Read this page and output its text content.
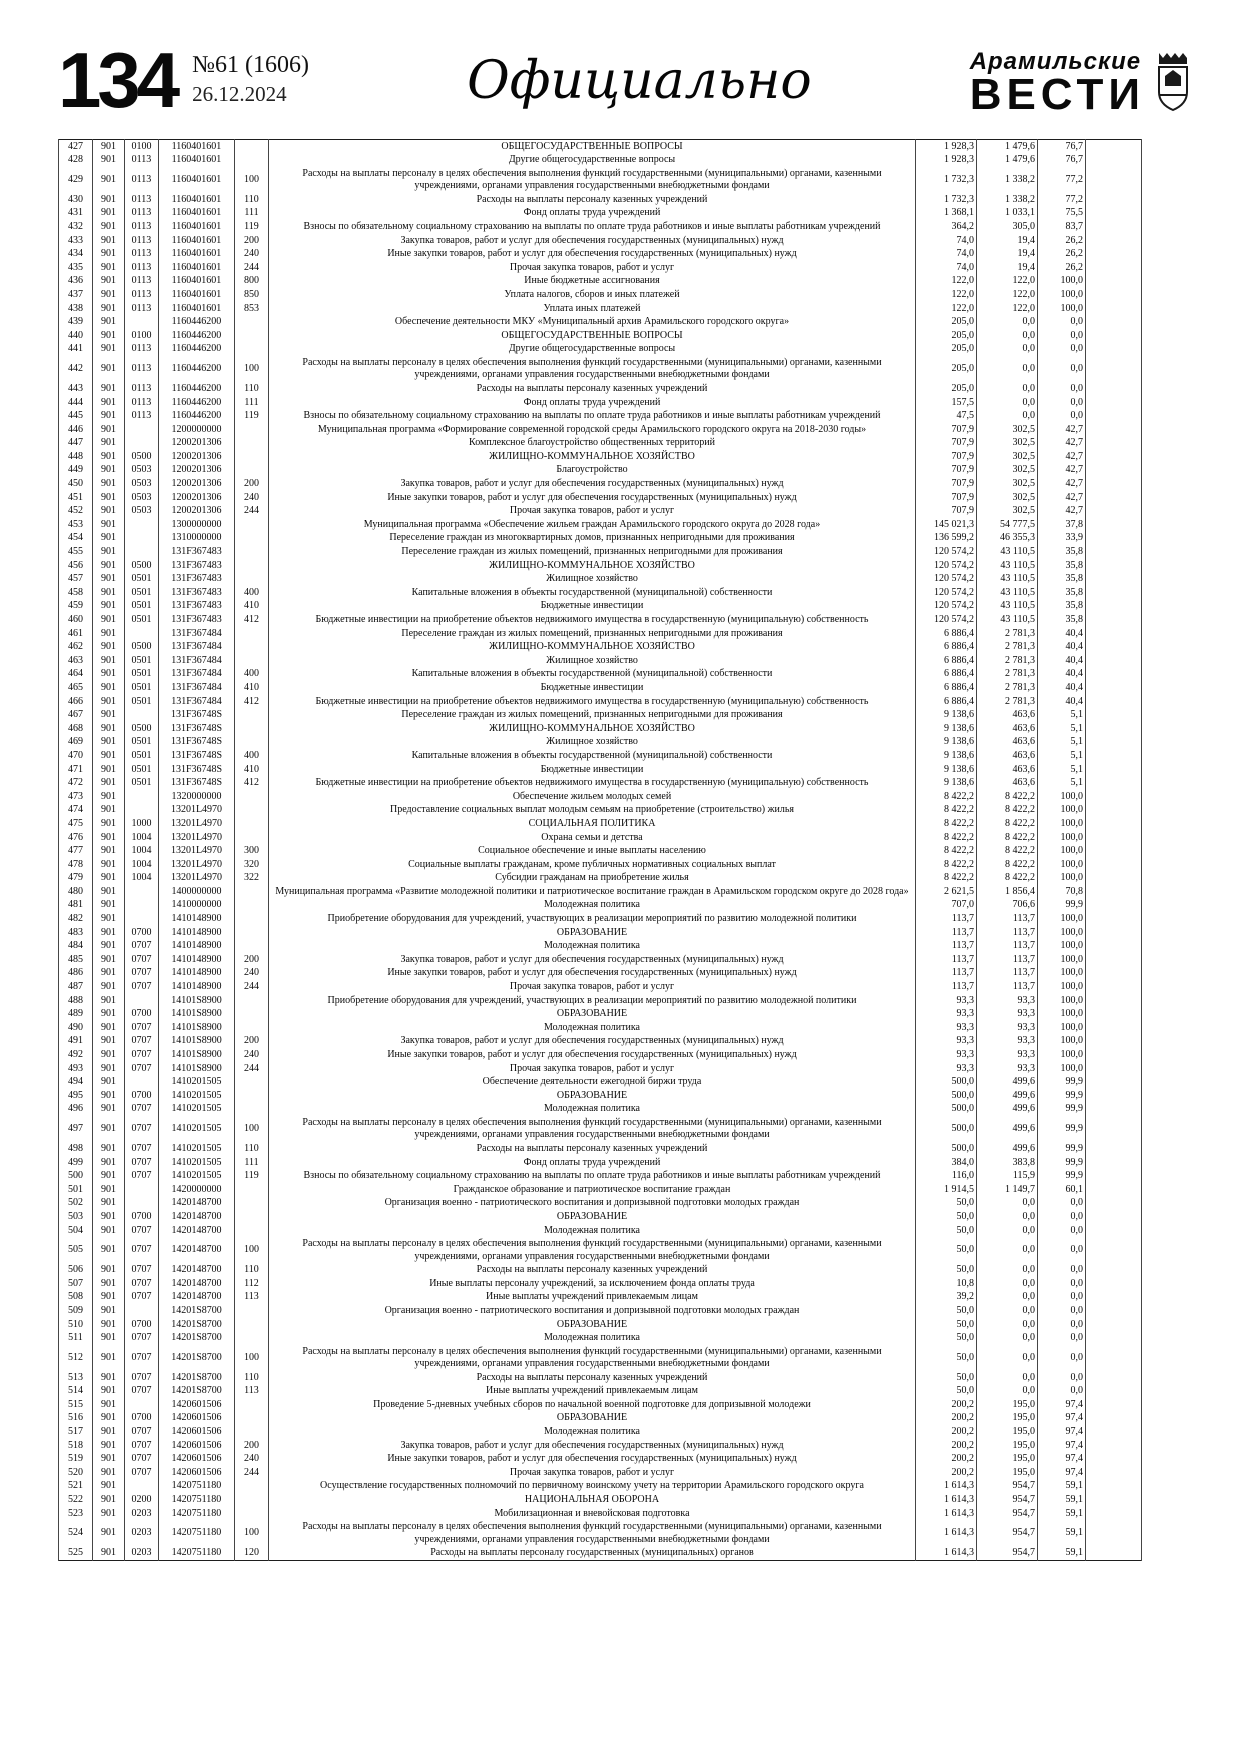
134 №61 (1606)
26.12.2024	Официально	Арамильские
ВЕСТИ
427	901	0100	1160401601		ОБЩЕГОСУДАРСТВЕННЫЕ ВОПРОСЫ	1 928,3	1 479,6	76,7	
428	901	0113	1160401601		Другие общегосударственные вопросы	1 928,3	1 479,6	76,7	
429	901	0113	1160401601	100	Расходы на выплаты персоналу в целях обеспечения выполнения функций государственными (муниципальными) органами, казенными учреждениями, органами управления государственными внебюджетными фондами	1 732,3	1 338,2	77,2	
430	901	0113	1160401601	110	Расходы на выплаты персоналу казенных учреждений	1 732,3	1 338,2	77,2	
431	901	0113	1160401601	111	Фонд оплаты труда учреждений	1 368,1	1 033,1	75,5	
432	901	0113	1160401601	119	Взносы по обязательному социальному страхованию на выплаты по оплате труда работников и иные выплаты работникам учреждений	364,2	305,0	83,7	
433	901	0113	1160401601	200	Закупка товаров, работ и услуг для обеспечения государственных (муниципальных) нужд	74,0	19,4	26,2	
434	901	0113	1160401601	240	Иные закупки товаров, работ и услуг для обеспечения государственных (муниципальных) нужд	74,0	19,4	26,2	
435	901	0113	1160401601	244	Прочая закупка товаров, работ и услуг	74,0	19,4	26,2	
436	901	0113	1160401601	800	Иные бюджетные ассигнования	122,0	122,0	100,0	
437	901	0113	1160401601	850	Уплата налогов, сборов и иных платежей	122,0	122,0	100,0	
438	901	0113	1160401601	853	Уплата иных платежей	122,0	122,0	100,0	
439	901		1160446200		Обеспечение деятельности МКУ «Муниципальный архив Арамильского городского округа»	205,0	0,0	0,0	
440	901	0100	1160446200		ОБЩЕГОСУДАРСТВЕННЫЕ ВОПРОСЫ	205,0	0,0	0,0	
441	901	0113	1160446200		Другие общегосударственные вопросы	205,0	0,0	0,0	
442	901	0113	1160446200	100	Расходы на выплаты персоналу в целях обеспечения выполнения функций государственными (муниципальными) органами, казенными учреждениями, органами управления государственными внебюджетными фондами	205,0	0,0	0,0	
443	901	0113	1160446200	110	Расходы на выплаты персоналу казенных учреждений	205,0	0,0	0,0	
444	901	0113	1160446200	111	Фонд оплаты труда учреждений	157,5	0,0	0,0	
445	901	0113	1160446200	119	Взносы по обязательному социальному страхованию на выплаты по оплате труда работников и иные выплаты работникам учреждений	47,5	0,0	0,0	
446	901		1200000000		Муниципальная программа «Формирование современной городской среды Арамильского городского округа на 2018-2030 годы»	707,9	302,5	42,7	
447	901		1200201306		Комплексное благоустройство общественных территорий	707,9	302,5	42,7	
448	901	0500	1200201306		ЖИЛИЩНО-КОММУНАЛЬНОЕ ХОЗЯЙСТВО	707,9	302,5	42,7	
449	901	0503	1200201306		Благоустройство	707,9	302,5	42,7	
450	901	0503	1200201306	200	Закупка товаров, работ и услуг для обеспечения государственных (муниципальных) нужд	707,9	302,5	42,7	
451	901	0503	1200201306	240	Иные закупки товаров, работ и услуг для обеспечения государственных (муниципальных) нужд	707,9	302,5	42,7	
452	901	0503	1200201306	244	Прочая закупка товаров, работ и услуг	707,9	302,5	42,7	
453	901		1300000000		Муниципальная программа «Обеспечение жильем граждан Арамильского городского округа до 2028 года»	145 021,3	54 777,5	37,8	
454	901		1310000000		Переселение граждан из многоквартирных домов, признанных непригодными для проживания	136 599,2	46 355,3	33,9	
455	901		131F367483		Переселение граждан из жилых помещений, признанных непригодными для проживания	120 574,2	43 110,5	35,8	
456	901	0500	131F367483		ЖИЛИЩНО-КОММУНАЛЬНОЕ ХОЗЯЙСТВО	120 574,2	43 110,5	35,8	
457	901	0501	131F367483		Жилищное хозяйство	120 574,2	43 110,5	35,8	
458	901	0501	131F367483	400	Капитальные вложения в объекты государственной (муниципальной) собственности	120 574,2	43 110,5	35,8	
459	901	0501	131F367483	410	Бюджетные инвестиции	120 574,2	43 110,5	35,8	
460	901	0501	131F367483	412	Бюджетные инвестиции на приобретение объектов недвижимого имущества в государственную (муниципальную) собственность	120 574,2	43 110,5	35,8	
461	901		131F367484		Переселение граждан из жилых помещений, признанных непригодными для проживания	6 886,4	2 781,3	40,4	
462	901	0500	131F367484		ЖИЛИЩНО-КОММУНАЛЬНОЕ ХОЗЯЙСТВО	6 886,4	2 781,3	40,4	
463	901	0501	131F367484		Жилищное хозяйство	6 886,4	2 781,3	40,4	
464	901	0501	131F367484	400	Капитальные вложения в объекты государственной (муниципальной) собственности	6 886,4	2 781,3	40,4	
465	901	0501	131F367484	410	Бюджетные инвестиции	6 886,4	2 781,3	40,4	
466	901	0501	131F367484	412	Бюджетные инвестиции на приобретение объектов недвижимого имущества в государственную (муниципальную) собственность	6 886,4	2 781,3	40,4	
467	901		131F36748S		Переселение граждан из жилых помещений, признанных непригодными для проживания	9 138,6	463,6	5,1	
468	901	0500	131F36748S		ЖИЛИЩНО-КОММУНАЛЬНОЕ ХОЗЯЙСТВО	9 138,6	463,6	5,1	
469	901	0501	131F36748S		Жилищное хозяйство	9 138,6	463,6	5,1	
470	901	0501	131F36748S	400	Капитальные вложения в объекты государственной (муниципальной) собственности	9 138,6	463,6	5,1	
471	901	0501	131F36748S	410	Бюджетные инвестиции	9 138,6	463,6	5,1	
472	901	0501	131F36748S	412	Бюджетные инвестиции на приобретение объектов недвижимого имущества в государственную (муниципальную) собственность	9 138,6	463,6	5,1	
473	901		1320000000		Обеспечение жильем молодых семей	8 422,2	8 422,2	100,0	
474	901		13201L4970		Предоставление социальных выплат молодым семьям на приобретение (строительство) жилья	8 422,2	8 422,2	100,0	
475	901	1000	13201L4970		СОЦИАЛЬНАЯ ПОЛИТИКА	8 422,2	8 422,2	100,0	
476	901	1004	13201L4970		Охрана семьи и детства	8 422,2	8 422,2	100,0	
477	901	1004	13201L4970	300	Социальное обеспечение и иные выплаты населению	8 422,2	8 422,2	100,0	
478	901	1004	13201L4970	320	Социальные выплаты гражданам, кроме публичных нормативных социальных выплат	8 422,2	8 422,2	100,0	
479	901	1004	13201L4970	322	Субсидии гражданам на приобретение жилья	8 422,2	8 422,2	100,0	
480	901		1400000000		Муниципальная программа «Развитие молодежной политики и патриотическое воспитание граждан в Арамильском городском округе до 2028 года»	2 621,5	1 856,4	70,8	
481	901		1410000000		Молодежная политика	707,0	706,6	99,9	
482	901		1410148900		Приобретение оборудования для учреждений, участвующих в реализации мероприятий по развитию молодежной политики	113,7	113,7	100,0	
483	901	0700	1410148900		ОБРАЗОВАНИЕ	113,7	113,7	100,0	
484	901	0707	1410148900		Молодежная политика	113,7	113,7	100,0	
485	901	0707	1410148900	200	Закупка товаров, работ и услуг для обеспечения государственных (муниципальных) нужд	113,7	113,7	100,0	
486	901	0707	1410148900	240	Иные закупки товаров, работ и услуг для обеспечения государственных (муниципальных) нужд	113,7	113,7	100,0	
487	901	0707	1410148900	244	Прочая закупка товаров, работ и услуг	113,7	113,7	100,0	
488	901		14101S8900		Приобретение оборудования для учреждений, участвующих в реализации мероприятий по развитию молодежной политики	93,3	93,3	100,0	
489	901	0700	14101S8900		ОБРАЗОВАНИЕ	93,3	93,3	100,0	
490	901	0707	14101S8900		Молодежная политика	93,3	93,3	100,0	
491	901	0707	14101S8900	200	Закупка товаров, работ и услуг для обеспечения государственных (муниципальных) нужд	93,3	93,3	100,0	
492	901	0707	14101S8900	240	Иные закупки товаров, работ и услуг для обеспечения государственных (муниципальных) нужд	93,3	93,3	100,0	
493	901	0707	14101S8900	244	Прочая закупка товаров, работ и услуг	93,3	93,3	100,0	
494	901		1410201505		Обеспечение деятельности ежегодной биржи труда	500,0	499,6	99,9	
495	901	0700	1410201505		ОБРАЗОВАНИЕ	500,0	499,6	99,9	
496	901	0707	1410201505		Молодежная политика	500,0	499,6	99,9	
497	901	0707	1410201505	100	Расходы на выплаты персоналу в целях обеспечения выполнения функций государственными (муниципальными) органами, казенными учреждениями, органами управления государственными внебюджетными фондами	500,0	499,6	99,9	
498	901	0707	1410201505	110	Расходы на выплаты персоналу казенных учреждений	500,0	499,6	99,9	
499	901	0707	1410201505	111	Фонд оплаты труда учреждений	384,0	383,8	99,9	
500	901	0707	1410201505	119	Взносы по обязательному социальному страхованию на выплаты по оплате труда работников и иные выплаты работникам учреждений	116,0	115,9	99,9	
501	901		1420000000		Гражданское образование и патриотическое воспитание граждан	1 914,5	1 149,7	60,1	
502	901		1420148700		Организация военно - патриотического воспитания и допризывной подготовки молодых граждан	50,0	0,0	0,0	
503	901	0700	1420148700		ОБРАЗОВАНИЕ	50,0	0,0	0,0	
504	901	0707	1420148700		Молодежная политика	50,0	0,0	0,0	
505	901	0707	1420148700	100	Расходы на выплаты персоналу в целях обеспечения выполнения функций государственными (муниципальными) органами, казенными учреждениями, органами управления государственными внебюджетными фондами	50,0	0,0	0,0	
506	901	0707	1420148700	110	Расходы на выплаты персоналу казенных учреждений	50,0	0,0	0,0	
507	901	0707	1420148700	112	Иные выплаты персоналу учреждений, за исключением фонда оплаты труда	10,8	0,0	0,0	
508	901	0707	1420148700	113	Иные выплаты учреждений привлекаемым лицам	39,2	0,0	0,0	
509	901		14201S8700		Организация военно - патриотического воспитания и допризывной подготовки молодых граждан	50,0	0,0	0,0	
510	901	0700	14201S8700		ОБРАЗОВАНИЕ	50,0	0,0	0,0	
511	901	0707	14201S8700		Молодежная политика	50,0	0,0	0,0	
512	901	0707	14201S8700	100	Расходы на выплаты персоналу в целях обеспечения выполнения функций государственными (муниципальными) органами, казенными учреждениями, органами управления государственными внебюджетными фондами	50,0	0,0	0,0	
513	901	0707	14201S8700	110	Расходы на выплаты персоналу казенных учреждений	50,0	0,0	0,0	
514	901	0707	14201S8700	113	Иные выплаты учреждений привлекаемым лицам	50,0	0,0	0,0	
515	901		1420601506		Проведение 5-дневных учебных сборов по начальной военной подготовке для допризывной молодежи	200,2	195,0	97,4	
516	901	0700	1420601506		ОБРАЗОВАНИЕ	200,2	195,0	97,4	
517	901	0707	1420601506		Молодежная политика	200,2	195,0	97,4	
518	901	0707	1420601506	200	Закупка товаров, работ и услуг для обеспечения государственных (муниципальных) нужд	200,2	195,0	97,4	
519	901	0707	1420601506	240	Иные закупки товаров, работ и услуг для обеспечения государственных (муниципальных) нужд	200,2	195,0	97,4	
520	901	0707	1420601506	244	Прочая закупка товаров, работ и услуг	200,2	195,0	97,4	
521	901		1420751180		Осуществление государственных полномочий по первичному воинскому учету на территории Арамильского городского округа	1 614,3	954,7	59,1	
522	901	0200	1420751180		НАЦИОНАЛЬНАЯ ОБОРОНА	1 614,3	954,7	59,1	
523	901	0203	1420751180		Мобилизационная и вневойсковая подготовка	1 614,3	954,7	59,1	
524	901	0203	1420751180	100	Расходы на выплаты персоналу в целях обеспечения выполнения функций государственными (муниципальными) органами, казенными учреждениями, органами управления государственными внебюджетными фондами	1 614,3	954,7	59,1	
525	901	0203	1420751180	120	Расходы на выплаты персоналу государственных (муниципальных) органов	1 614,3	954,7	59,1	
